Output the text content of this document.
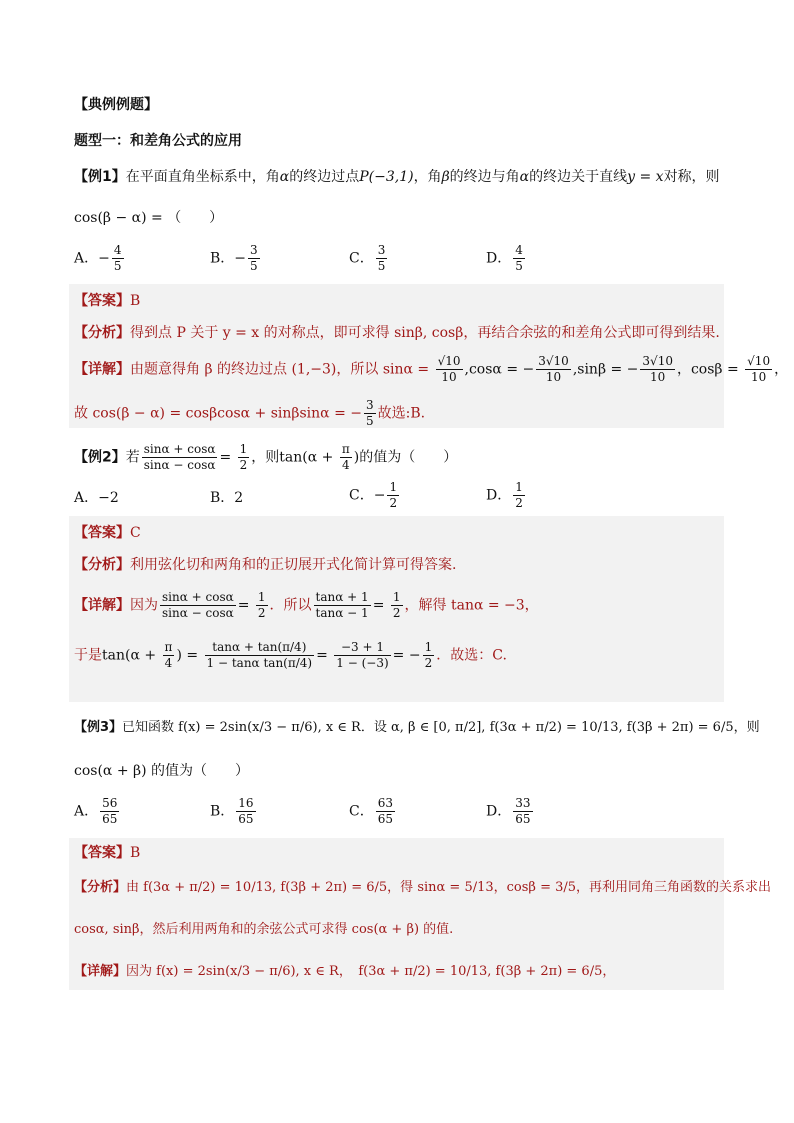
【典例例题】
题型一：和差角公式的应用
【例1】在平面直角坐标系中，角α的终边过点P(−3,1)，角β的终边与角α的终边关于直线y = x对称，则
cos(β − α) = （　　）
A．− $\frac{4}{5}$	B．− $\frac{3}{5}$	C． $\frac{3}{5}$	D． $\frac{4}{5}$
【答案】B
【分析】得到点 P 关于 y = x 的对称点，即可求得 sinβ, cosβ，再结合余弦的和差角公式即可得到结果.
【详解】由题意得角 β 的终边过点 (1,−3)，所以 $\sin\alpha = \frac{√10}{10} ,\cos\alpha$ = − $\frac{3√10}{10} ,\sin\beta$ = − $\frac{3√10}{10}$ ，$\cos\beta = \frac{√10}{10}$ ，
故 cos(β − α) = cosβcosα + sinβsinα = − $\frac{3}{5}$ 故选:B.
【例2】若 $\frac{\sin\alpha + \cos\alpha}{\sin\alpha - \cos\alpha} = \frac{1}{2}$ ，则$\tan(\alpha + \frac{\pi}{4}$ )的值为（　　）
A．−2	B．2	C．− $\frac{1}{2}$	D． $\frac{1}{2}$
【答案】C
【分析】利用弦化切和两角和的正切展开式化简计算可得答案.
【详解】因为 $\frac{\sin\alpha + \cos\alpha}{\sin\alpha - \cos\alpha} = \frac{1}{2}$ ．所以 $\frac{\tan\alpha + 1}{\tan\alpha - 1} = \frac{1}{2}$ ，解得 tanα = −3，
于是$\tan(\alpha + \frac{\pi}{4}$ ) = $\frac{\tan\alpha + \tan(\pi/4)}{\text{1 − tanα tan(π/4)}} = \frac{-3 + 1}{1 - (-3)}$ = − $\frac{1}{2}$ ．故选：C.
【例3】已知函数 f(x) = 2sin(x/3 − π/6), x ∈ R．设 α, β ∈ [0, π/2], f(3α + π/2) = 10/13, f(3β + 2π) = 6/5，则
cos(α + β) 的值为（　　）
A． $\frac{56}{65}$	B． $\frac{16}{65}$	C． $\frac{63}{65}$	D． $\frac{33}{65}$
【答案】B
【分析】由 f(3α + π/2) = 10/13, f(3β + 2π) = 6/5，得 sinα = 5/13，cosβ = 3/5，再利用同角三角函数的关系求出
cosα, sinβ，然后利用两角和的余弦公式可求得 cos(α + β) 的值.
【详解】因为 f(x) = 2sin(x/3 − π/6), x ∈ R，　f(3α + π/2) = 10/13, f(3β + 2π) = 6/5，
